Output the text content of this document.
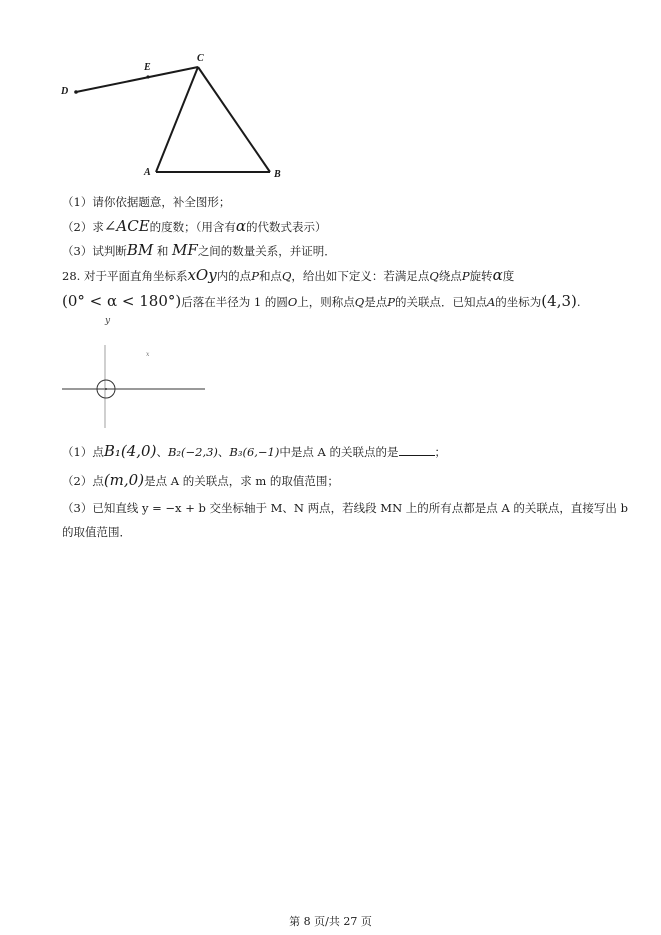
D
E
C
A	B
（1）请你依据题意，补全图形；
（2）求∠ACE的度数；（用含有α的代数式表示）
（3）试判断BM 和 MF之间的数量关系，并证明．
28. 对于平面直角坐标系xOy内的点P和点Q，给出如下定义：若满足点Q绕点P旋转α度
(0° < α < 180°)后落在半径为 1 的圆O上，则称点Q是点P的关联点．已知点A的坐标为(4,3).
y
x
（1）点B₁(4,0)、B₂(−2,3)、B₃(6,−1)中是点 A 的关联点的是	；
（2）点(m,0)是点 A 的关联点，求 m 的取值范围；
（3）已知直线 y = −x + b 交坐标轴于 M、N 两点，若线段 MN 上的所有点都是点 A 的关联点，直接写出 b
的取值范围．
第 8 页/共 27 页
